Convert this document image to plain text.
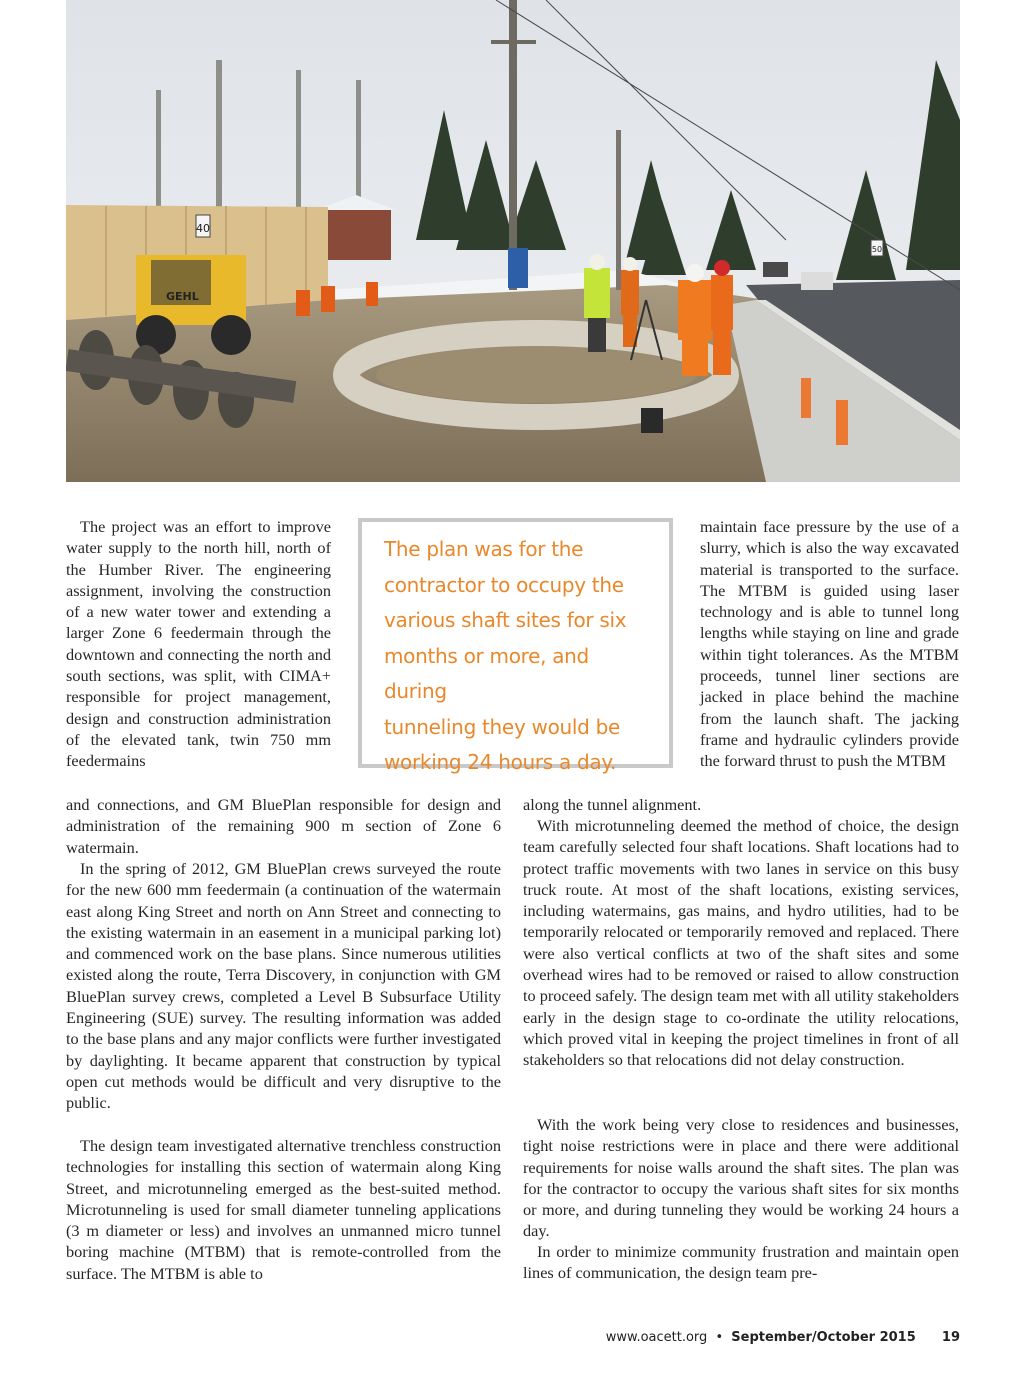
40
50
GEHL

The project was an effort to improve water supply to the north hill, north of the Humber River. The engineering assignment, involving the construction of a new water tower and extending a larger Zone 6 feedermain through the downtown and connecting the north and south sections, was split, with CIMA+ responsible for project management, design and construction administration of the elevated tank, twin 750 mm feedermains

and connections, and GM BluePlan responsible for design and administration of the remaining 900 m section of Zone 6 watermain.

In the spring of 2012, GM BluePlan crews surveyed the route for the new 600 mm feedermain (a continuation of the watermain east along King Street and north on Ann Street and connecting to the existing watermain in an easement in a municipal parking lot) and commenced work on the base plans. Since numerous utilities existed along the route, Terra Discovery, in conjunction with GM BluePlan survey crews, completed a Level B Subsurface Utility Engineering (SUE) survey. The resulting information was added to the base plans and any major conflicts were further investigated by daylighting. It became apparent that construction by typical open cut methods would be difficult and very disruptive to the public.

The design team investigated alternative trenchless construction technologies for installing this section of watermain along King Street, and microtunneling emerged as the best-suited method. Microtunneling is used for small diameter tunneling applications (3 m diameter or less) and involves an unmanned micro tunnel boring machine (MTBM) that is remote-controlled from the surface. The MTBM is able to

The plan was for the
contractor to occupy the
various shaft sites for six
months or more, and during
tunneling they would be
working 24 hours a day.

maintain face pressure by the use of a slurry, which is also the way excavated material is transported to the surface. The MTBM is guided using laser technology and is able to tunnel long lengths while staying on line and grade within tight tolerances. As the MTBM proceeds, tunnel liner sections are jacked in place behind the machine from the launch shaft. The jacking frame and hydraulic cylinders provide the forward thrust to push the MTBM

along the tunnel alignment.

With microtunneling deemed the method of choice, the design team carefully selected four shaft locations. Shaft locations had to protect traffic movements with two lanes in service on this busy truck route. At most of the shaft locations, existing services, including watermains, gas mains, and hydro utilities, had to be temporarily relocated or temporarily removed and replaced. There were also vertical conflicts at two of the shaft sites and some overhead wires had to be removed or raised to allow construction to proceed safely. The design team met with all utility stakeholders early in the design stage to co-ordinate the utility relocations, which proved vital in keeping the project timelines in front of all stakeholders so that relocations did not delay construction.

With the work being very close to residences and businesses, tight noise restrictions were in place and there were additional requirements for noise walls around the shaft sites. The plan was for the contractor to occupy the various shaft sites for six months or more, and during tunneling they would be working 24 hours a day.

In order to minimize community frustration and maintain open lines of communication, the design team pre-

www.oacett.org • September/October 2015 19
